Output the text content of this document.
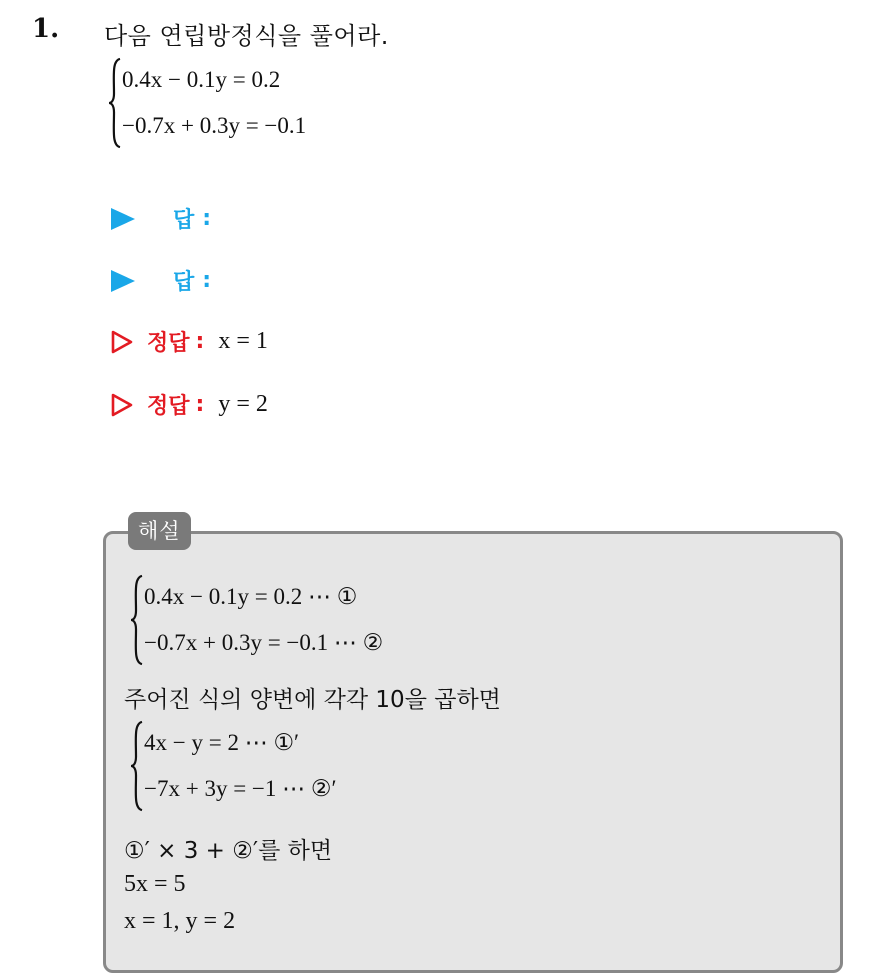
1. 다음 연립방정식을 풀어라.
0.4x − 0.1y = 0.2
−0.7x + 0.3y = −0.1
답 :
답 :
정답 : x = 1
정답 : y = 2
해설
0.4x − 0.1y = 0.2 ⋯ ①
−0.7x + 0.3y = −0.1 ⋯ ②
주어진 식의 양변에 각각 10을 곱하면
4x − y = 2 ⋯ ①′
−7x + 3y = −1 ⋯ ②′
①′ × 3 + ②′를 하면
5x = 5
x = 1, y = 2
